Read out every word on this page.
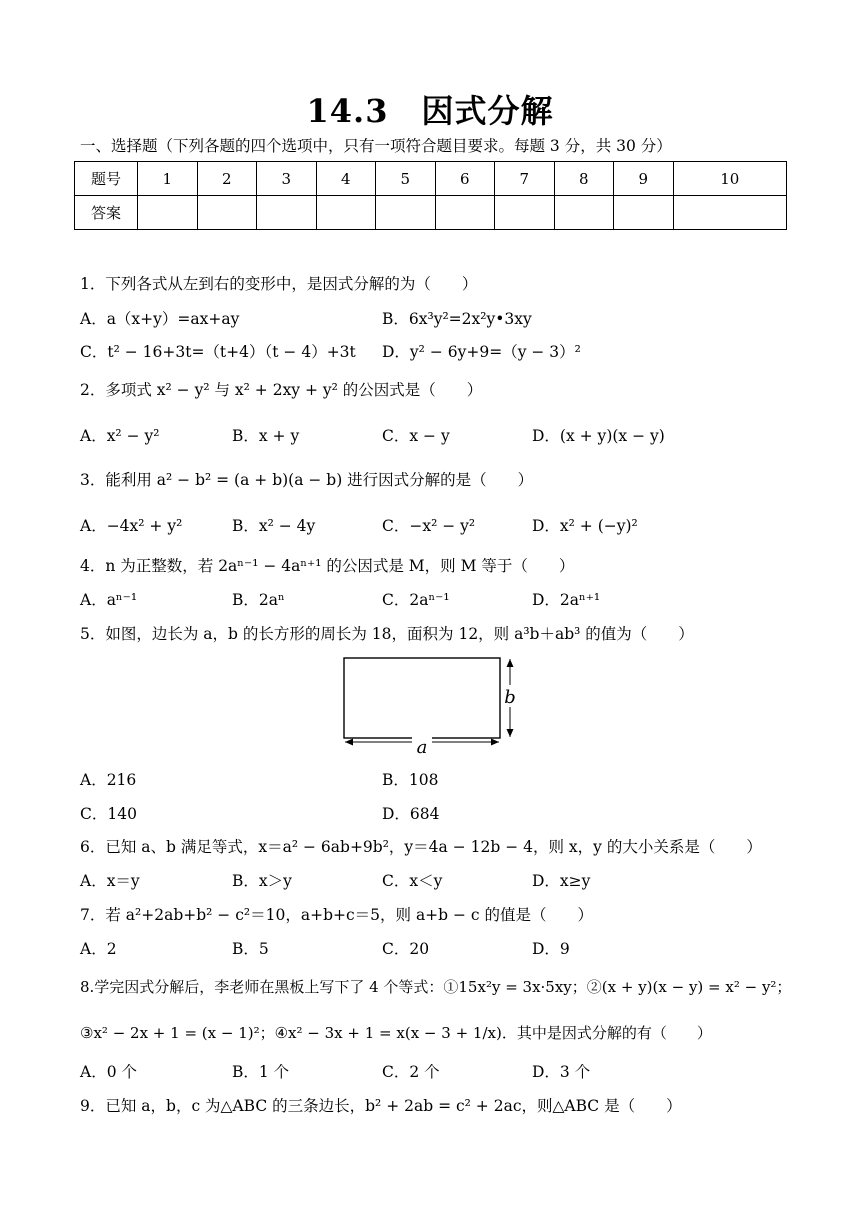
14.3　因式分解
一、选择题（下列各题的四个选项中，只有一项符合题目要求。每题 3 分，共 30 分）
题号	1	2	3	4	5	6	7	8	9	10
答案										
1．下列各式从左到右的变形中，是因式分解的为（　　）
A．a（x+y）=ax+ay	B．6x³y²=2x²y•3xy
C．t² − 16+3t=（t+4）（t − 4）+3t D．y² − 6y+9=（y − 3）²
2．多项式 x² − y² 与 x² + 2xy + y² 的公因式是（　　）
A．x² − y²	B．x + y	C．x − y	D．(x + y)(x − y)
3．能利用 a² − b² = (a + b)(a − b) 进行因式分解的是（　　）
A．−4x² + y²	B．x² − 4y	C．−x² − y²	D．x² + (−y)²
4．n 为正整数，若 2aⁿ⁻¹ − 4aⁿ⁺¹ 的公因式是 M，则 M 等于（　　）
A．aⁿ⁻¹	B．2aⁿ	C．2aⁿ⁻¹	D．2aⁿ⁺¹
5．如图，边长为 a，b 的长方形的周长为 18，面积为 12，则 a³b＋ab³ 的值为（　　）
b
a
A．216	B．108
C．140	D．684
6．已知 a、b 满足等式，x＝a² − 6ab+9b²，y＝4a − 12b − 4，则 x，y 的大小关系是（　　）
A．x＝y	B．x＞y	C．x＜y	D．x≥y
7．若 a²+2ab+b² − c²＝10，a+b+c＝5，则 a+b − c 的值是（　　）
A．2	B．5	C．20	D．9
8.学完因式分解后，李老师在黑板上写下了 4 个等式：①15x²y = 3x·5xy；②(x + y)(x − y) = x² − y²；
③x² − 2x + 1 = (x − 1)²；④x² − 3x + 1 = x(x − 3 + 1/x)．其中是因式分解的有（　　）
A．0 个	B．1 个	C．2 个	D．3 个
9．已知 a，b，c 为△ABC 的三条边长，b² + 2ab = c² + 2ac，则△ABC 是（　　）
